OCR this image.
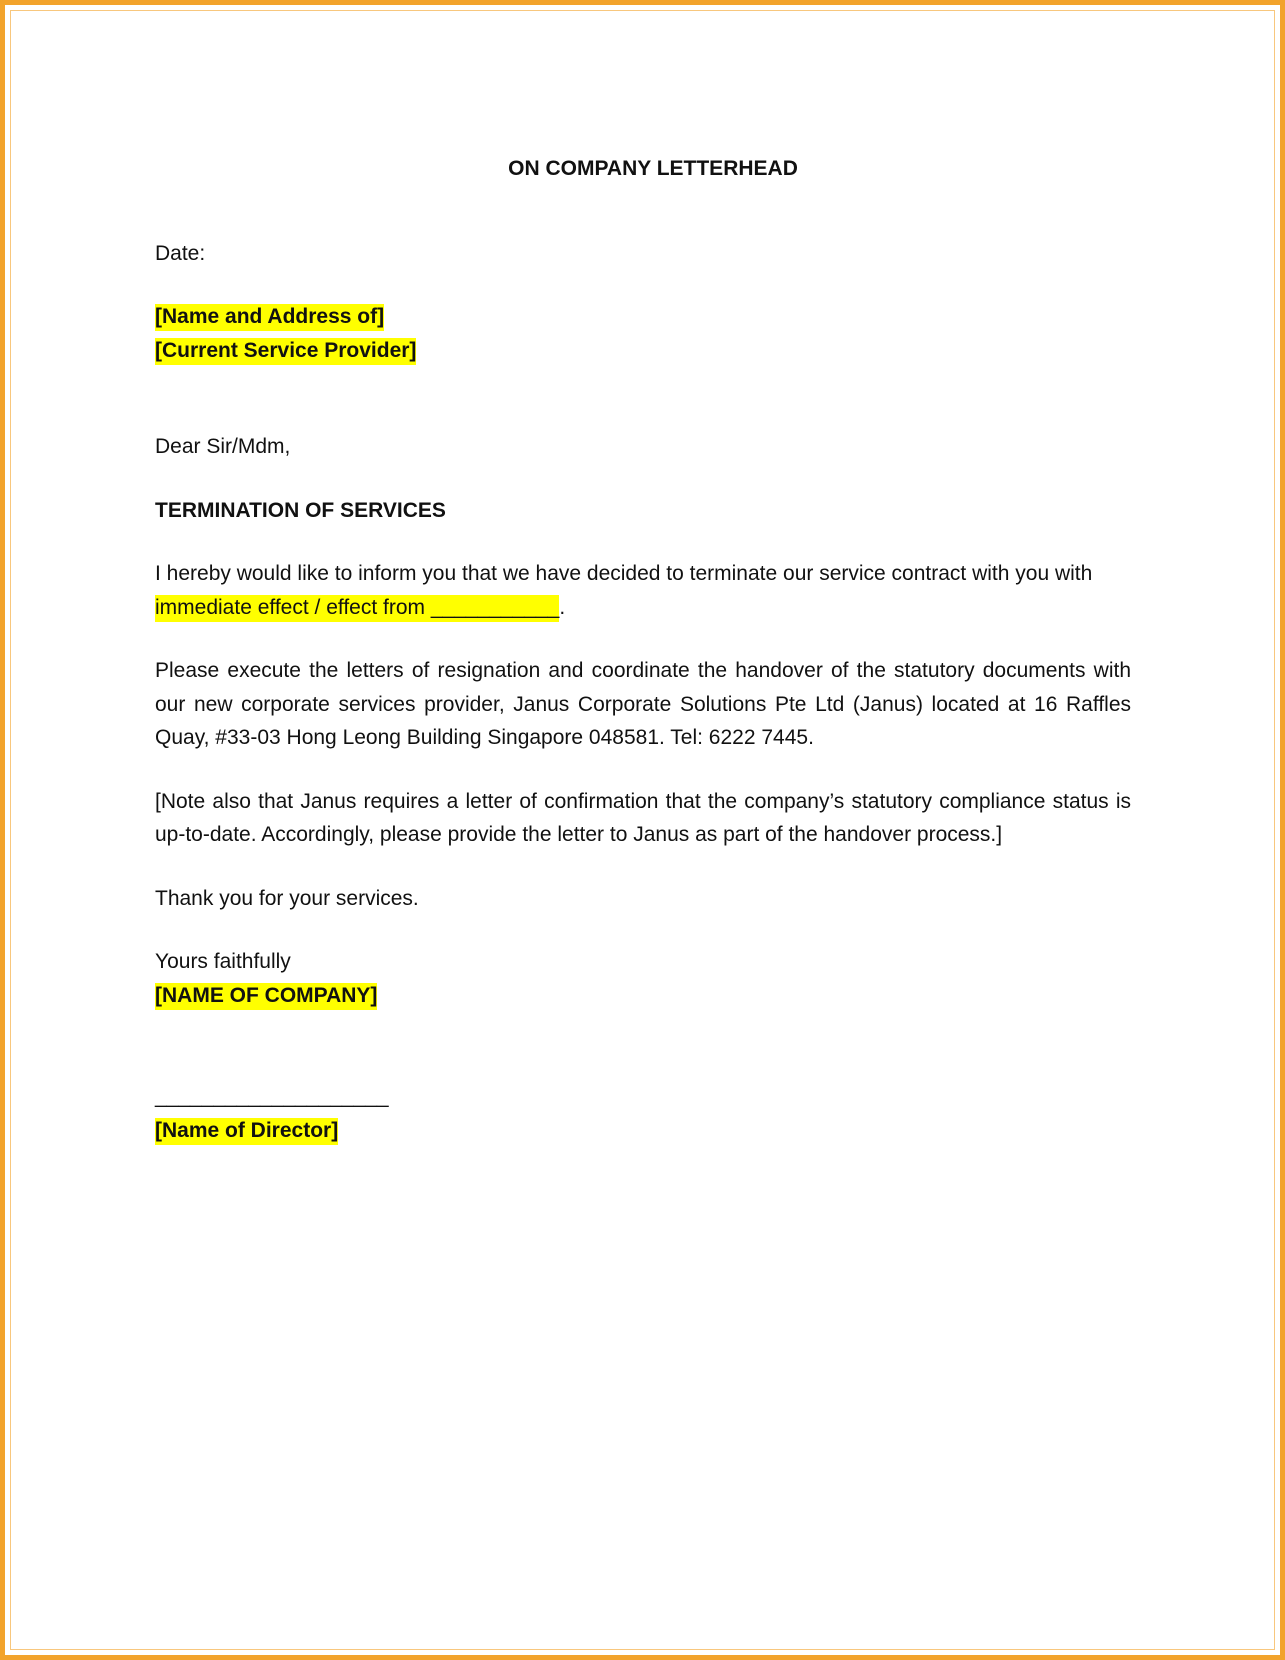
ON COMPANY LETTERHEAD

Date:

[Name and Address of]

[Current Service Provider]

Dear Sir/Mdm,

TERMINATION OF SERVICES

I hereby would like to inform you that we have decided to terminate our service contract with you with
immediate effect / effect from ___________.

Please execute the letters of resignation and coordinate the handover of the statutory documents with our new corporate services provider, Janus Corporate Solutions Pte Ltd (Janus) located at 16 Raffles Quay, #33-03 Hong Leong Building Singapore 048581. Tel: 6222 7445.

[Note also that Janus requires a letter of confirmation that the company’s statutory compliance status is up-to-date. Accordingly, please provide the letter to Janus as part of the handover process.]

Thank you for your services.

Yours faithfully

[NAME OF COMPANY]

____________________

[Name of Director]
